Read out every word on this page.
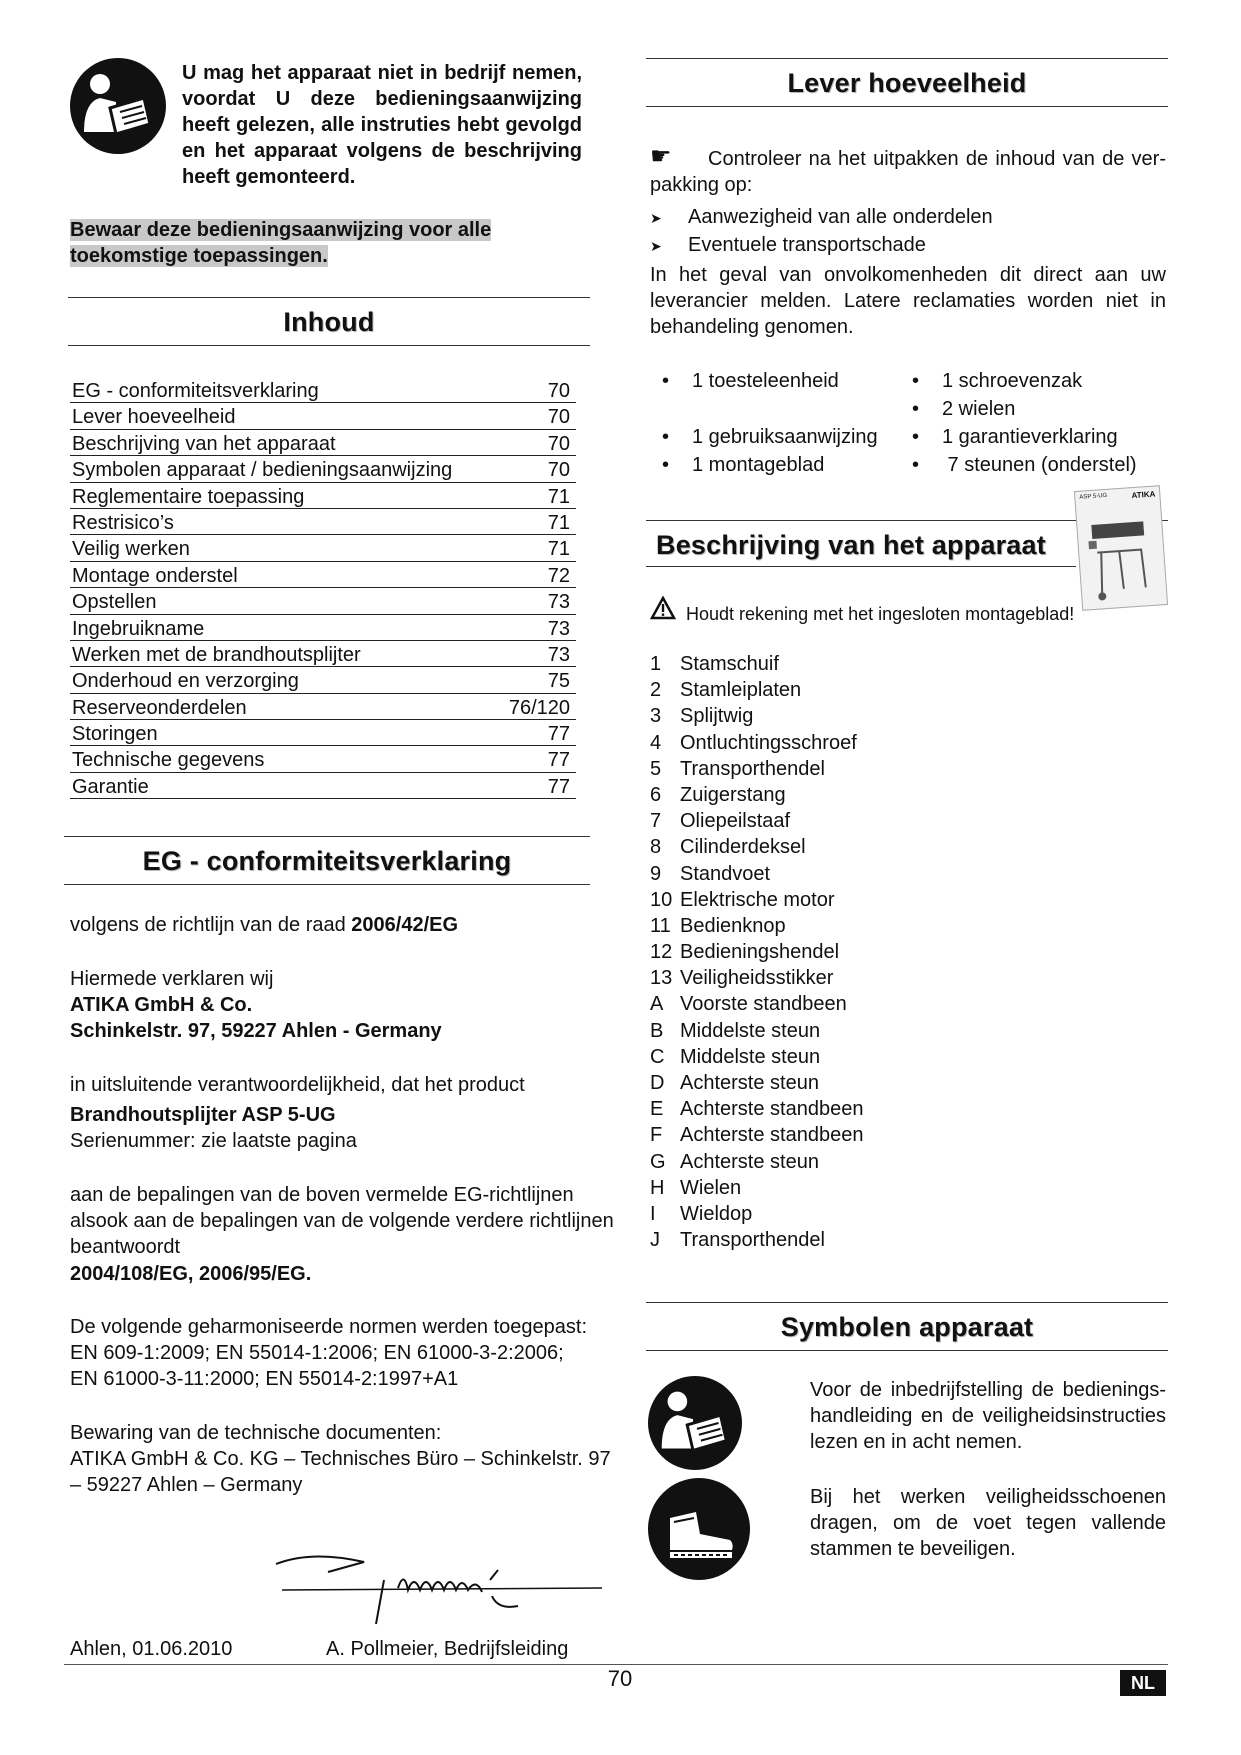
U mag het apparaat niet in bedrijf nemen, voordat U deze bedieningsaanwijzing heeft gelezen, alle instruties hebt gevolgd en het apparaat volgens de beschrijving heeft gemonteerd.
Bewaar deze bedieningsaanwijzing voor alle toekomstige toepassingen.
Inhoud
EG - conformiteitsverklaring	70
Lever hoeveelheid	70
Beschrijving van het apparaat	70
Symbolen apparaat / bedieningsaanwijzing	70
Reglementaire toepassing	71
Restrisico’s	71
Veilig werken	71
Montage onderstel	72
Opstellen	73
Ingebruikname	73
Werken met de brandhoutsplijter	73
Onderhoud en verzorging	75
Reserveonderdelen	76/120
Storingen	77
Technische gegevens	77
Garantie	77
EG - conformiteitsverklaring
volgens de richtlijn van de raad 2006/42/EG
Hiermede verklaren wij
ATIKA GmbH & Co.
Schinkelstr. 97, 59227 Ahlen - Germany
in uitsluitende verantwoordelijkheid, dat het product
Brandhoutsplijter ASP 5-UG
Serienummer: zie laatste pagina
aan de bepalingen van de boven vermelde EG-richtlijnen
alsook aan de bepalingen van de volgende verdere richtlijnen
beantwoordt
2004/108/EG, 2006/95/EG.
De volgende geharmoniseerde normen werden toegepast:
EN 609-1:2009; EN 55014-1:2006; EN 61000-3-2:2006;
EN 61000-3-11:2000; EN 55014-2:1997+A1
Bewaring van de technische documenten:
ATIKA GmbH & Co. KG – Technisches Büro – Schinkelstr. 97
– 59227 Ahlen – Germany
Ahlen, 01.06.2010	A. Pollmeier, Bedrijfsleiding
Lever hoeveelheid
☛ Controleer na het uitpakken de inhoud van de ver-
pakking op:
➤ Aanwezigheid van alle onderdelen
➤ Eventuele transportschade
In het geval van onvolkomenheden dit direct aan uw leverancier melden. Latere reclamaties worden niet in behandeling genomen.
• 1 toesteleenheid
• 1 gebruiksaanwijzing
• 1 montageblad
• 1 schroevenzak
• 2 wielen
• 1 garantieverklaring
• 7 steunen (onderstel)
Beschrijving van het apparaat
ATIKA
ASP 5-UG
Houdt rekening met het ingesloten montageblad!
1 Stamschuif
2 Stamleiplaten
3 Splijtwig
4 Ontluchtingsschroef
5 Transporthendel
6 Zuigerstang
7 Oliepeilstaaf
8 Cilinderdeksel
9 Standvoet
10 Elektrische motor
11 Bedienknop
12 Bedieningshendel
13 Veiligheidsstikker
A Voorste standbeen
B Middelste steun
C Middelste steun
D Achterste steun
E Achterste standbeen
F Achterste standbeen
G Achterste steun
H Wielen
I Wieldop
J Transporthendel
Symbolen apparaat
Voor de inbedrijfstelling de bedienings-handleiding en de veiligheidsinstructies lezen en in acht nemen.
Bij het werken veiligheidsschoenen dragen, om de voet tegen vallende stammen te beveiligen.
70	NL
